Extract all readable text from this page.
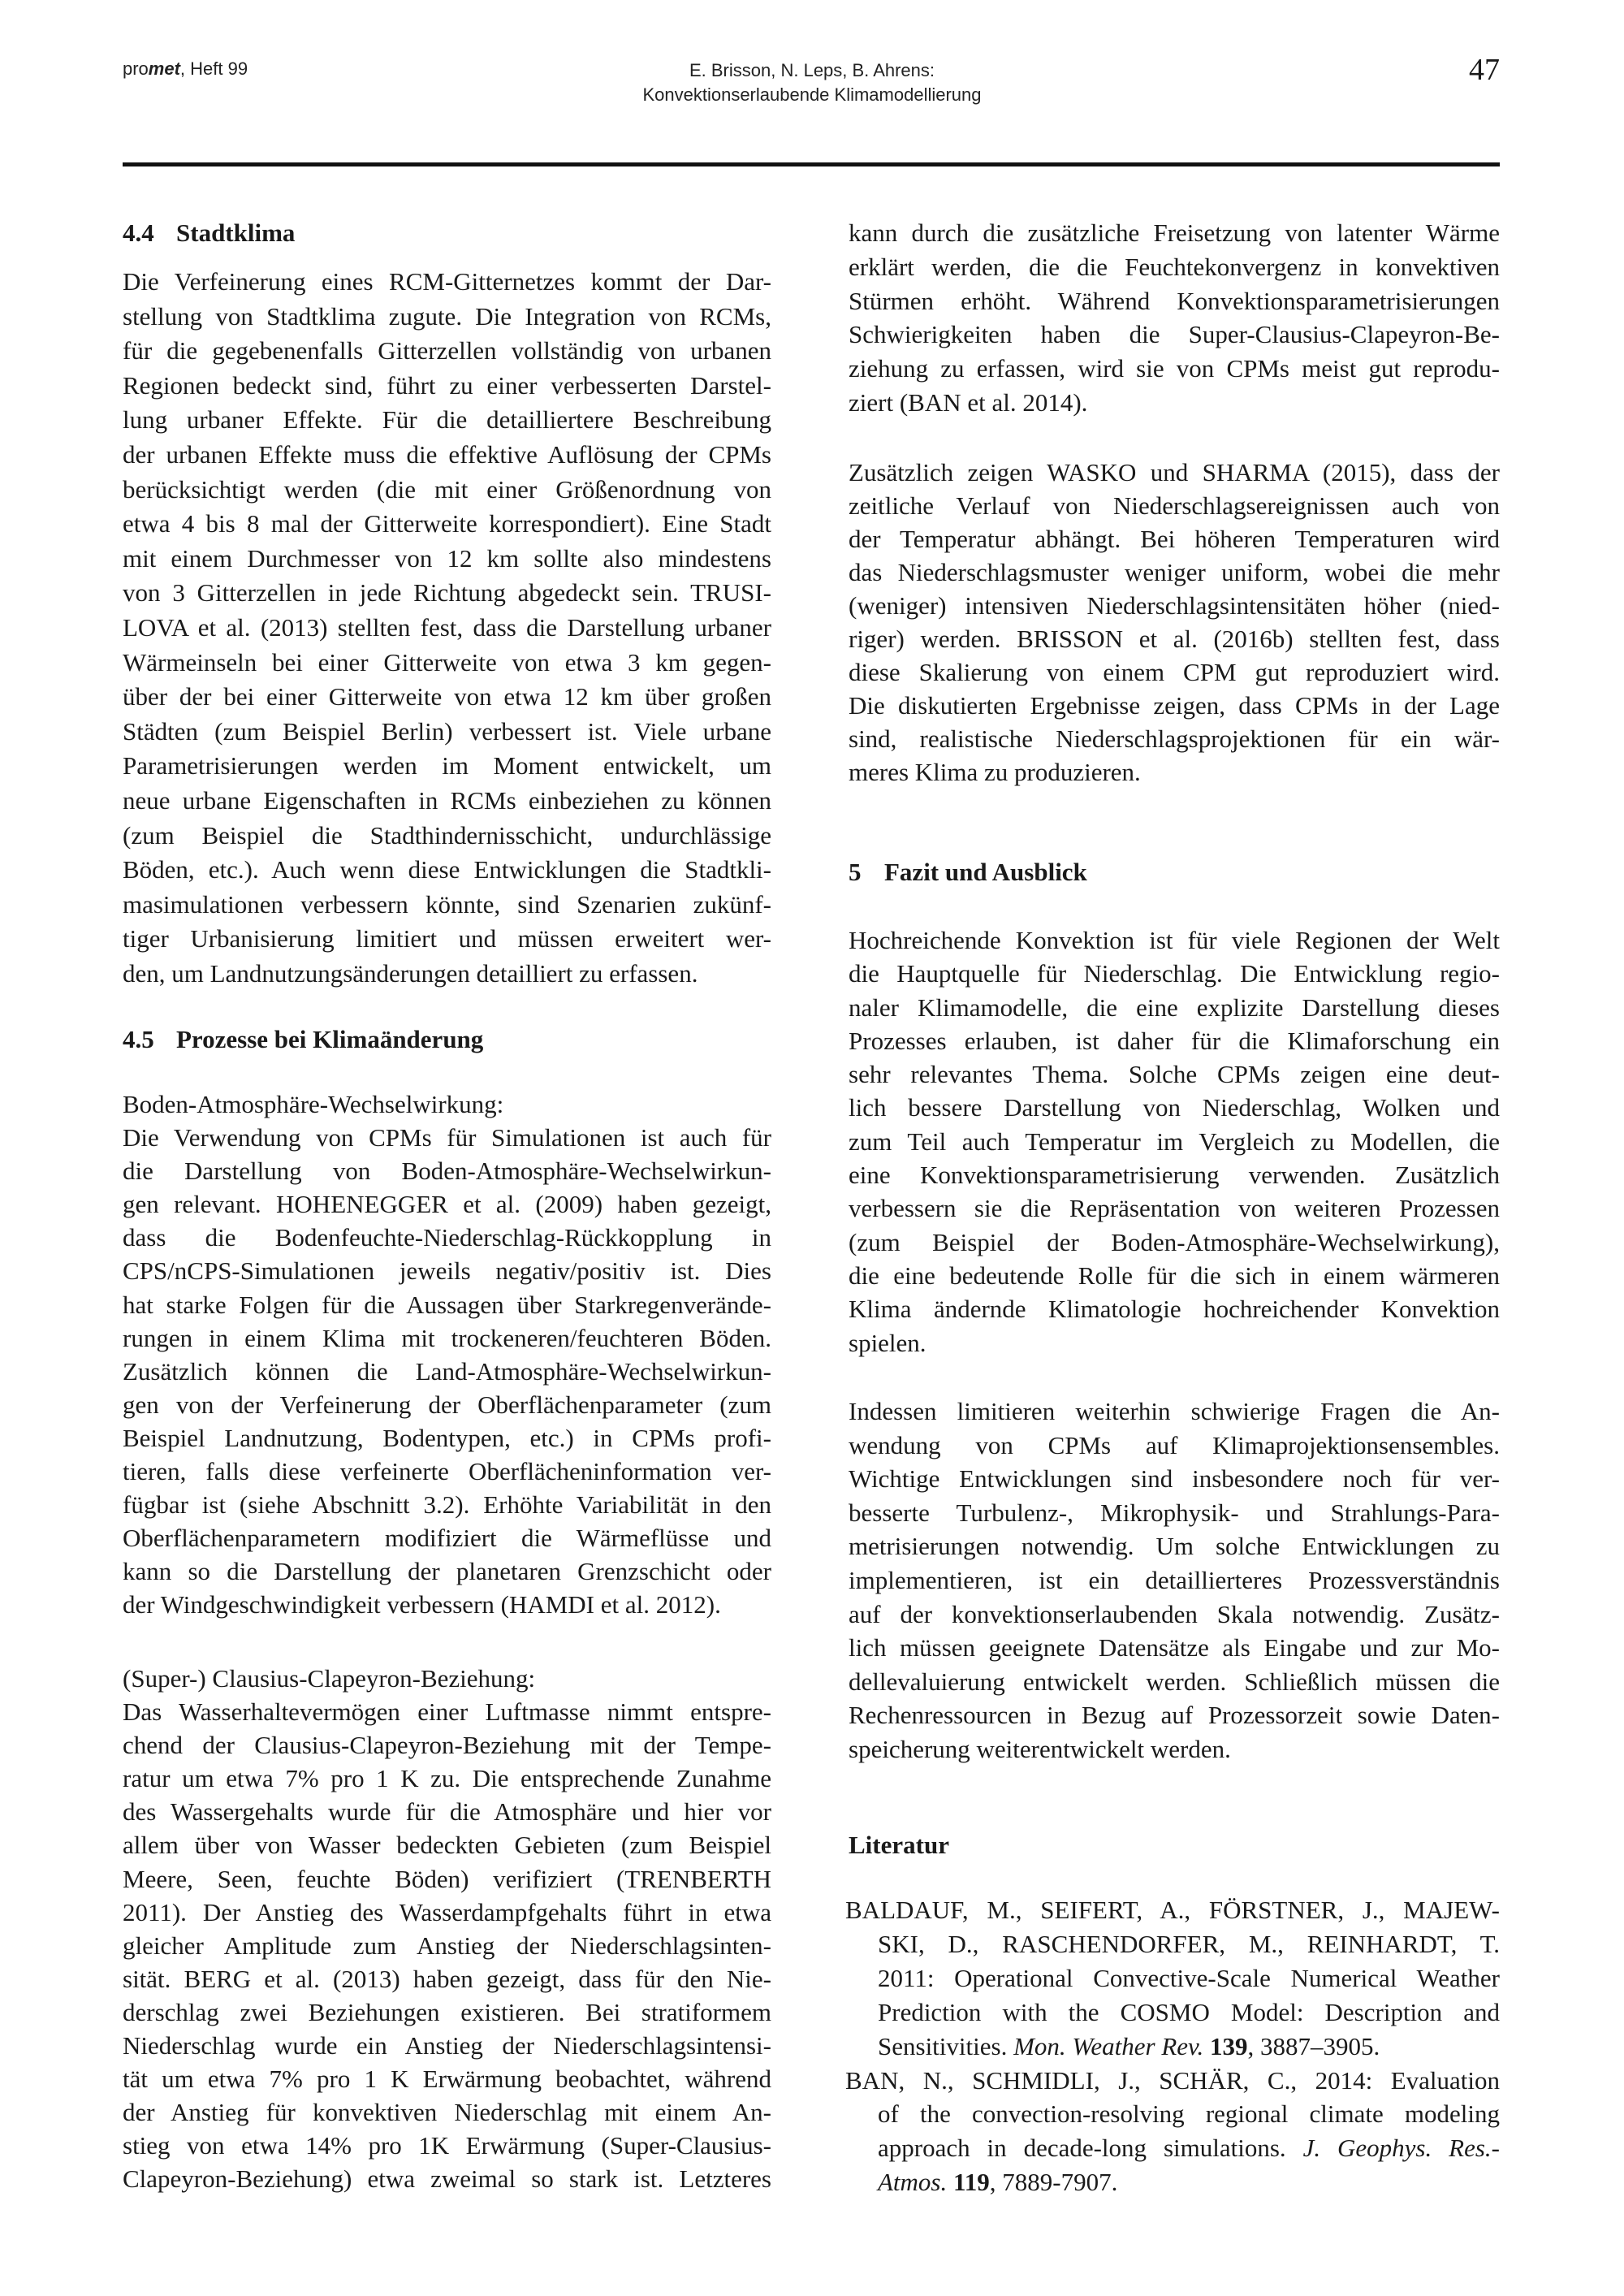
promet, Heft 99	E. Brisson, N. Leps, B. Ahrens:
Konvektionserlaubende Klimamodellierung
47
4.4 Stadtklima
Die Verfeinerung eines RCM-Gitternetzes kommt der Dar-
stellung von Stadtklima zugute. Die Integration von RCMs,
für die gegebenenfalls Gitterzellen vollständig von urbanen
Regionen bedeckt sind, führt zu einer verbesserten Darstel-
lung urbaner Effekte. Für die detailliertere Beschreibung
der urbanen Effekte muss die effektive Auflösung der CPMs
berücksichtigt werden (die mit einer Größenordnung von
etwa 4 bis 8 mal der Gitterweite korrespondiert). Eine Stadt
mit einem Durchmesser von 12 km sollte also mindestens
von 3 Gitterzellen in jede Richtung abgedeckt sein. TRUSI-
LOVA et al. (2013) stellten fest, dass die Darstellung urbaner
Wärmeinseln bei einer Gitterweite von etwa 3 km gegen-
über der bei einer Gitterweite von etwa 12 km über großen
Städten (zum Beispiel Berlin) verbessert ist. Viele urbane
Parametrisierungen werden im Moment entwickelt, um
neue urbane Eigenschaften in RCMs einbeziehen zu können
(zum Beispiel die Stadthindernisschicht, undurchlässige
Böden, etc.). Auch wenn diese Entwicklungen die Stadtkli-
masimulationen verbessern könnte, sind Szenarien zukünf-
tiger Urbanisierung limitiert und müssen erweitert wer-
den, um Landnutzungsänderungen detailliert zu erfassen.
4.5 Prozesse bei Klimaänderung
Boden-Atmosphäre-Wechselwirkung:
Die Verwendung von CPMs für Simulationen ist auch für
die Darstellung von Boden-Atmosphäre-Wechselwirkun-
gen relevant. HOHENEGGER et al. (2009) haben gezeigt,
dass die Bodenfeuchte-Niederschlag-Rückkopplung in
CPS/nCPS-Simulationen jeweils negativ/positiv ist. Dies
hat starke Folgen für die Aussagen über Starkregenverände-
rungen in einem Klima mit trockeneren/feuchteren Böden.
Zusätzlich können die Land-Atmosphäre-Wechselwirkun-
gen von der Verfeinerung der Oberflächenparameter (zum
Beispiel Landnutzung, Bodentypen, etc.) in CPMs profi-
tieren, falls diese verfeinerte Oberflächeninformation ver-
fügbar ist (siehe Abschnitt 3.2). Erhöhte Variabilität in den
Oberflächenparametern modifiziert die Wärmeflüsse und
kann so die Darstellung der planetaren Grenzschicht oder
der Windgeschwindigkeit verbessern (HAMDI et al. 2012).
(Super-) Clausius-Clapeyron-Beziehung:
Das Wasserhaltevermögen einer Luftmasse nimmt entspre-
chend der Clausius-Clapeyron-Beziehung mit der Tempe-
ratur um etwa 7% pro 1 K zu. Die entsprechende Zunahme
des Wassergehalts wurde für die Atmosphäre und hier vor
allem über von Wasser bedeckten Gebieten (zum Beispiel
Meere, Seen, feuchte Böden) verifiziert (TRENBERTH
2011). Der Anstieg des Wasserdampfgehalts führt in etwa
gleicher Amplitude zum Anstieg der Niederschlagsinten-
sität. BERG et al. (2013) haben gezeigt, dass für den Nie-
derschlag zwei Beziehungen existieren. Bei stratiformem
Niederschlag wurde ein Anstieg der Niederschlagsintensi-
tät um etwa 7% pro 1 K Erwärmung beobachtet, während
der Anstieg für konvektiven Niederschlag mit einem An-
stieg von etwa 14% pro 1K Erwärmung (Super-Clausius-
Clapeyron-Beziehung) etwa zweimal so stark ist. Letzteres
kann durch die zusätzliche Freisetzung von latenter Wärme
erklärt werden, die die Feuchtekonvergenz in konvektiven
Stürmen erhöht. Während Konvektionsparametrisierungen
Schwierigkeiten haben die Super-Clausius-Clapeyron-Be-
ziehung zu erfassen, wird sie von CPMs meist gut reprodu-
ziert (BAN et al. 2014).
Zusätzlich zeigen WASKO und SHARMA (2015), dass der
zeitliche Verlauf von Niederschlagsereignissen auch von
der Temperatur abhängt. Bei höheren Temperaturen wird
das Niederschlagsmuster weniger uniform, wobei die mehr
(weniger) intensiven Niederschlagsintensitäten höher (nied-
riger) werden. BRISSON et al. (2016b) stellten fest, dass
diese Skalierung von einem CPM gut reproduziert wird.
Die diskutierten Ergebnisse zeigen, dass CPMs in der Lage
sind, realistische Niederschlagsprojektionen für ein wär-
meres Klima zu produzieren.
5 Fazit und Ausblick
Hochreichende Konvektion ist für viele Regionen der Welt
die Hauptquelle für Niederschlag. Die Entwicklung regio-
naler Klimamodelle, die eine explizite Darstellung dieses
Prozesses erlauben, ist daher für die Klimaforschung ein
sehr relevantes Thema. Solche CPMs zeigen eine deut-
lich bessere Darstellung von Niederschlag, Wolken und
zum Teil auch Temperatur im Vergleich zu Modellen, die
eine Konvektionsparametrisierung verwenden. Zusätzlich
verbessern sie die Repräsentation von weiteren Prozessen
(zum Beispiel der Boden-Atmosphäre-Wechselwirkung),
die eine bedeutende Rolle für die sich in einem wärmeren
Klima ändernde Klimatologie hochreichender Konvektion
spielen.
Indessen limitieren weiterhin schwierige Fragen die An-
wendung von CPMs auf Klimaprojektionsensembles.
Wichtige Entwicklungen sind insbesondere noch für ver-
besserte Turbulenz-, Mikrophysik- und Strahlungs-Para-
metrisierungen notwendig. Um solche Entwicklungen zu
implementieren, ist ein detaillierteres Prozessverständnis
auf der konvektionserlaubenden Skala notwendig. Zusätz-
lich müssen geeignete Datensätze als Eingabe und zur Mo-
dellevaluierung entwickelt werden. Schließlich müssen die
Rechenressourcen in Bezug auf Prozessorzeit sowie Daten-
speicherung weiterentwickelt werden.
Literatur
BALDAUF, M., SEIFERT, A., FÖRSTNER, J., MAJEW-
SKI, D., RASCHENDORFER, M., REINHARDT, T.
2011: Operational Convective-Scale Numerical Weather
Prediction with the COSMO Model: Description and
Sensitivities. Mon. Weather Rev. 139, 3887–3905.
BAN, N., SCHMIDLI, J., SCHÄR, C., 2014: Evaluation
of the convection-resolving regional climate modeling
approach in decade-long simulations. J. Geophys. Res.-
Atmos. 119, 7889-7907.
